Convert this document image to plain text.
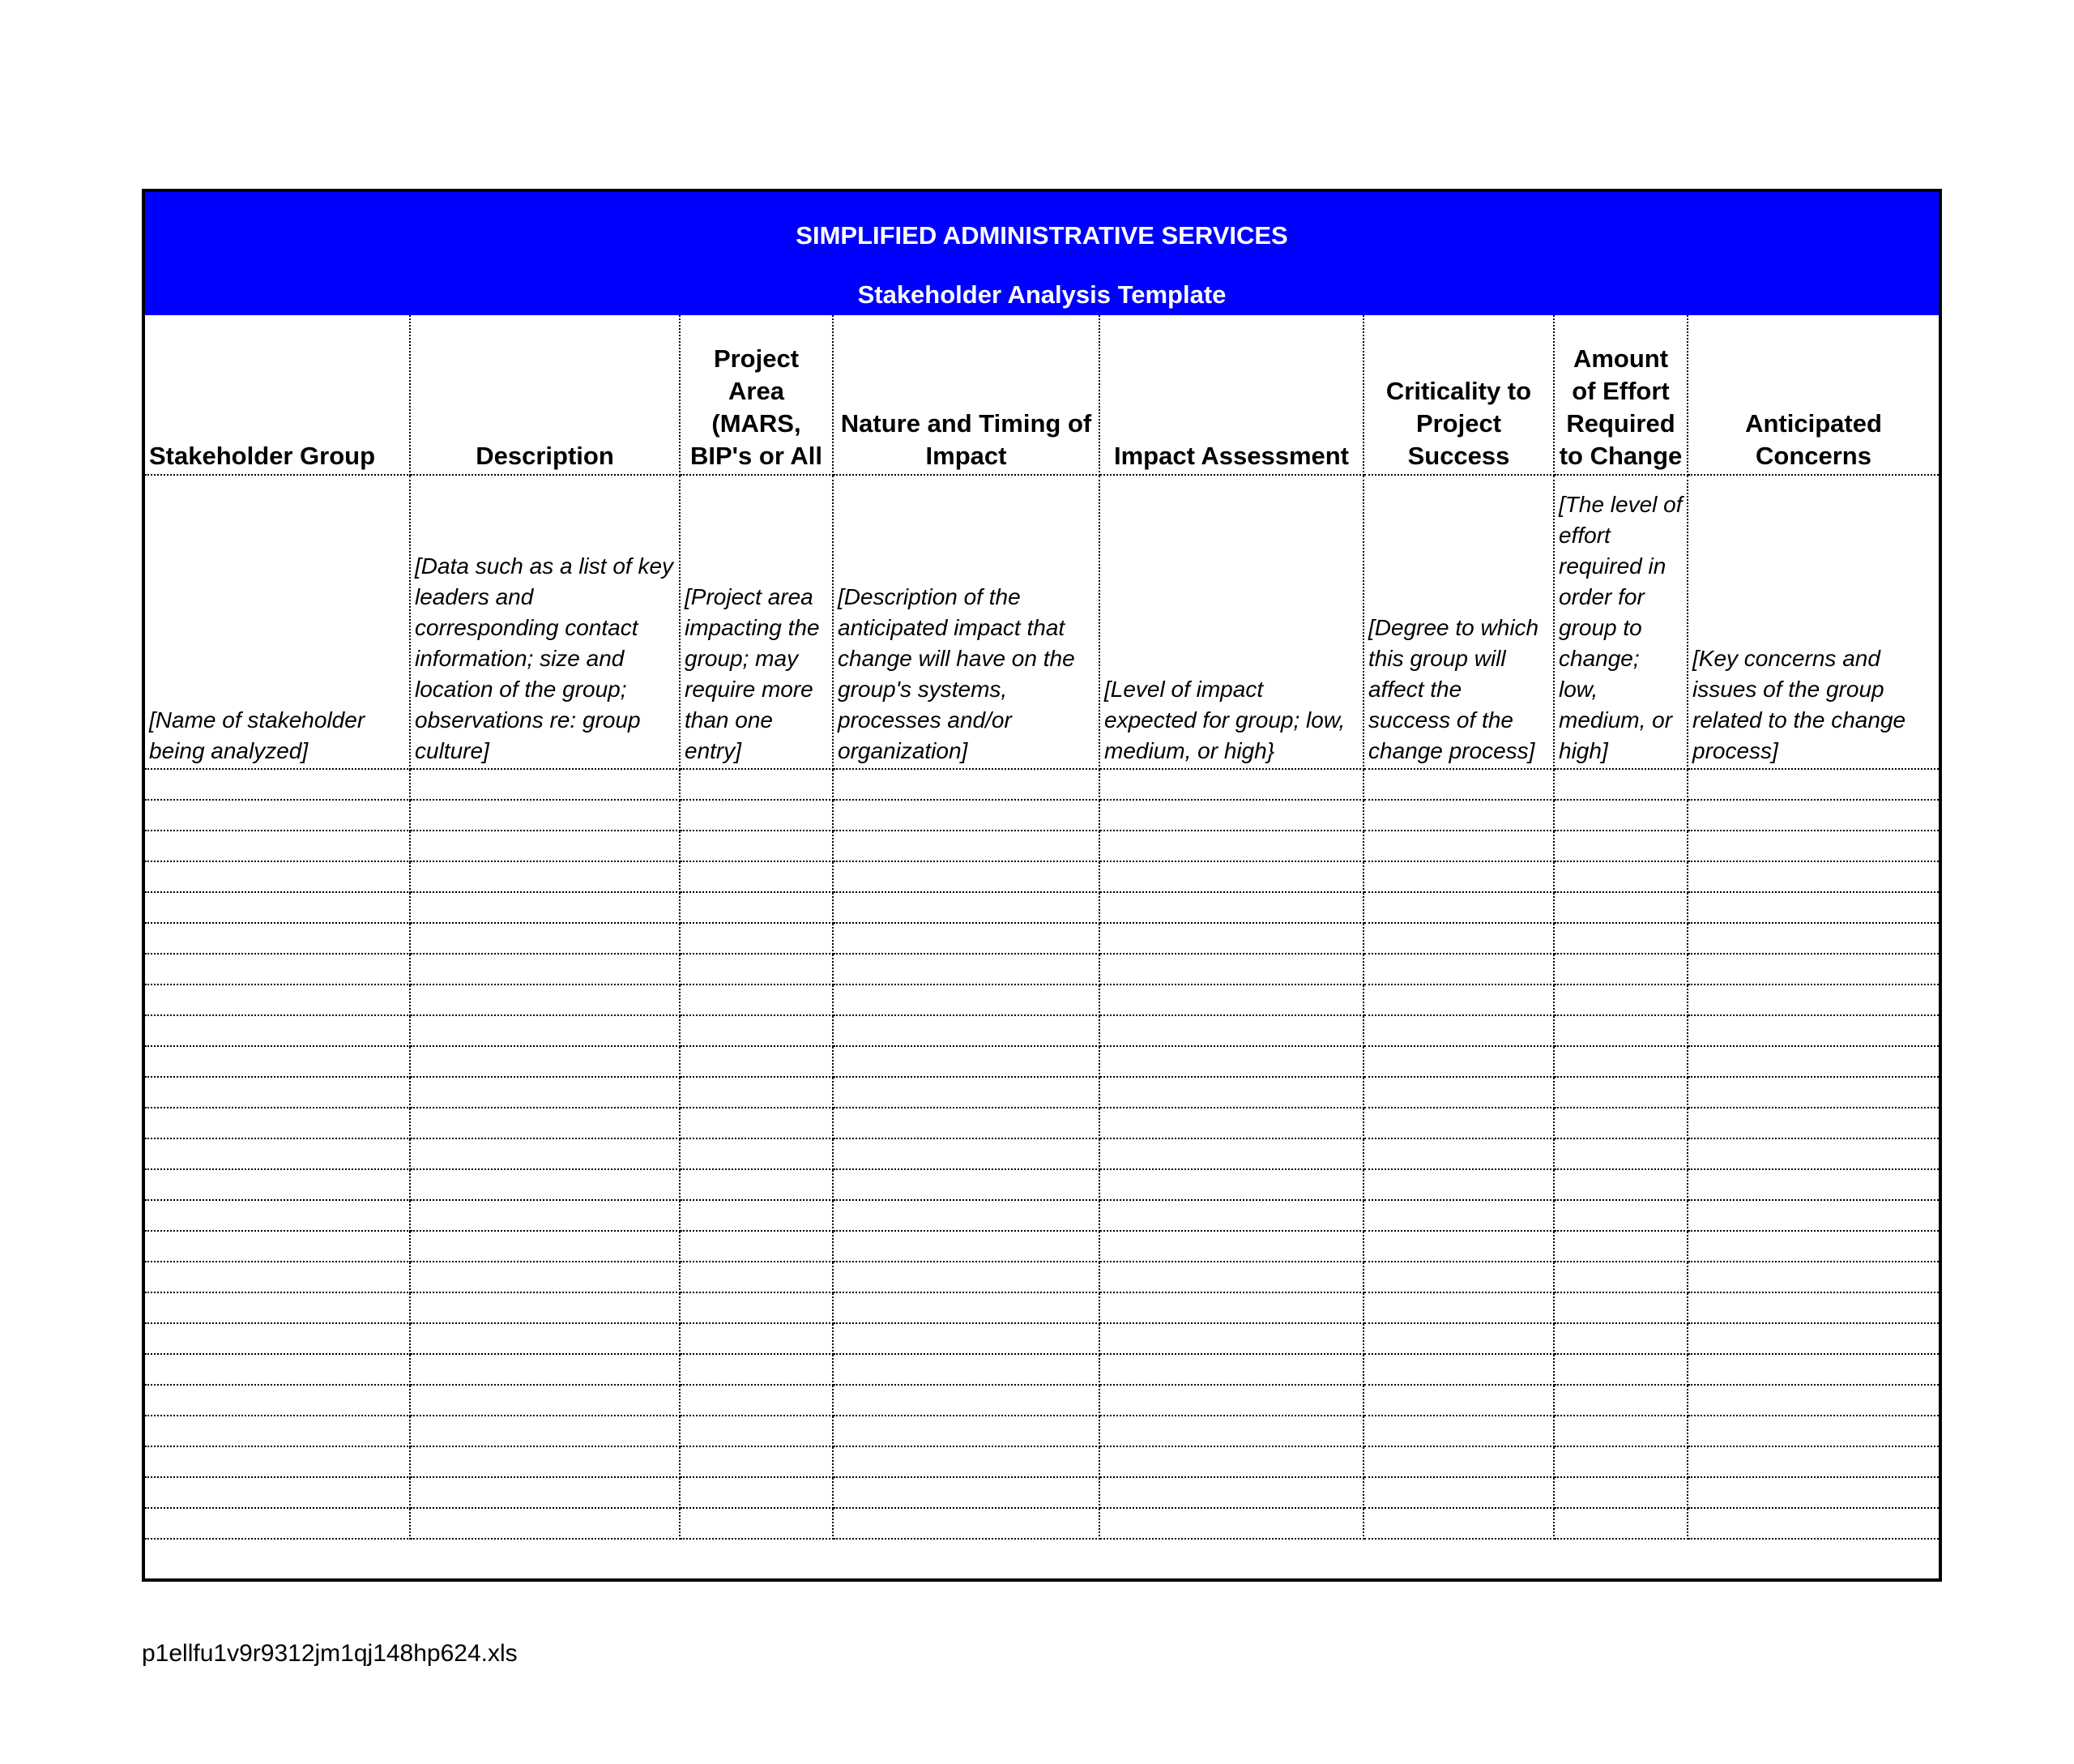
SIMPLIFIED ADMINISTRATIVE SERVICES
Stakeholder Analysis Template
Stakeholder Group	Description	Project Area (MARS, BIP's or All	Nature and Timing of Impact	Impact Assessment	Criticality to Project Success	Amount of Effort Required to Change	Anticipated Concerns
[Name of stakeholder being analyzed]	[Data such as a list of key leaders and corresponding contact information; size and location of the group; observations re: group culture]	[Project area impacting the group; may require more than one entry]	[Description of the anticipated impact that change will have on the group's systems, processes and/or organization]	[Level of impact expected for group; low, medium, or high}	[Degree to which this group will affect the success of the change process]	[The level of effort required in order for group to change; low, medium, or high]	[Key concerns and issues of the group related to the change process]

p1ellfu1v9r9312jm1qj148hp624.xls
